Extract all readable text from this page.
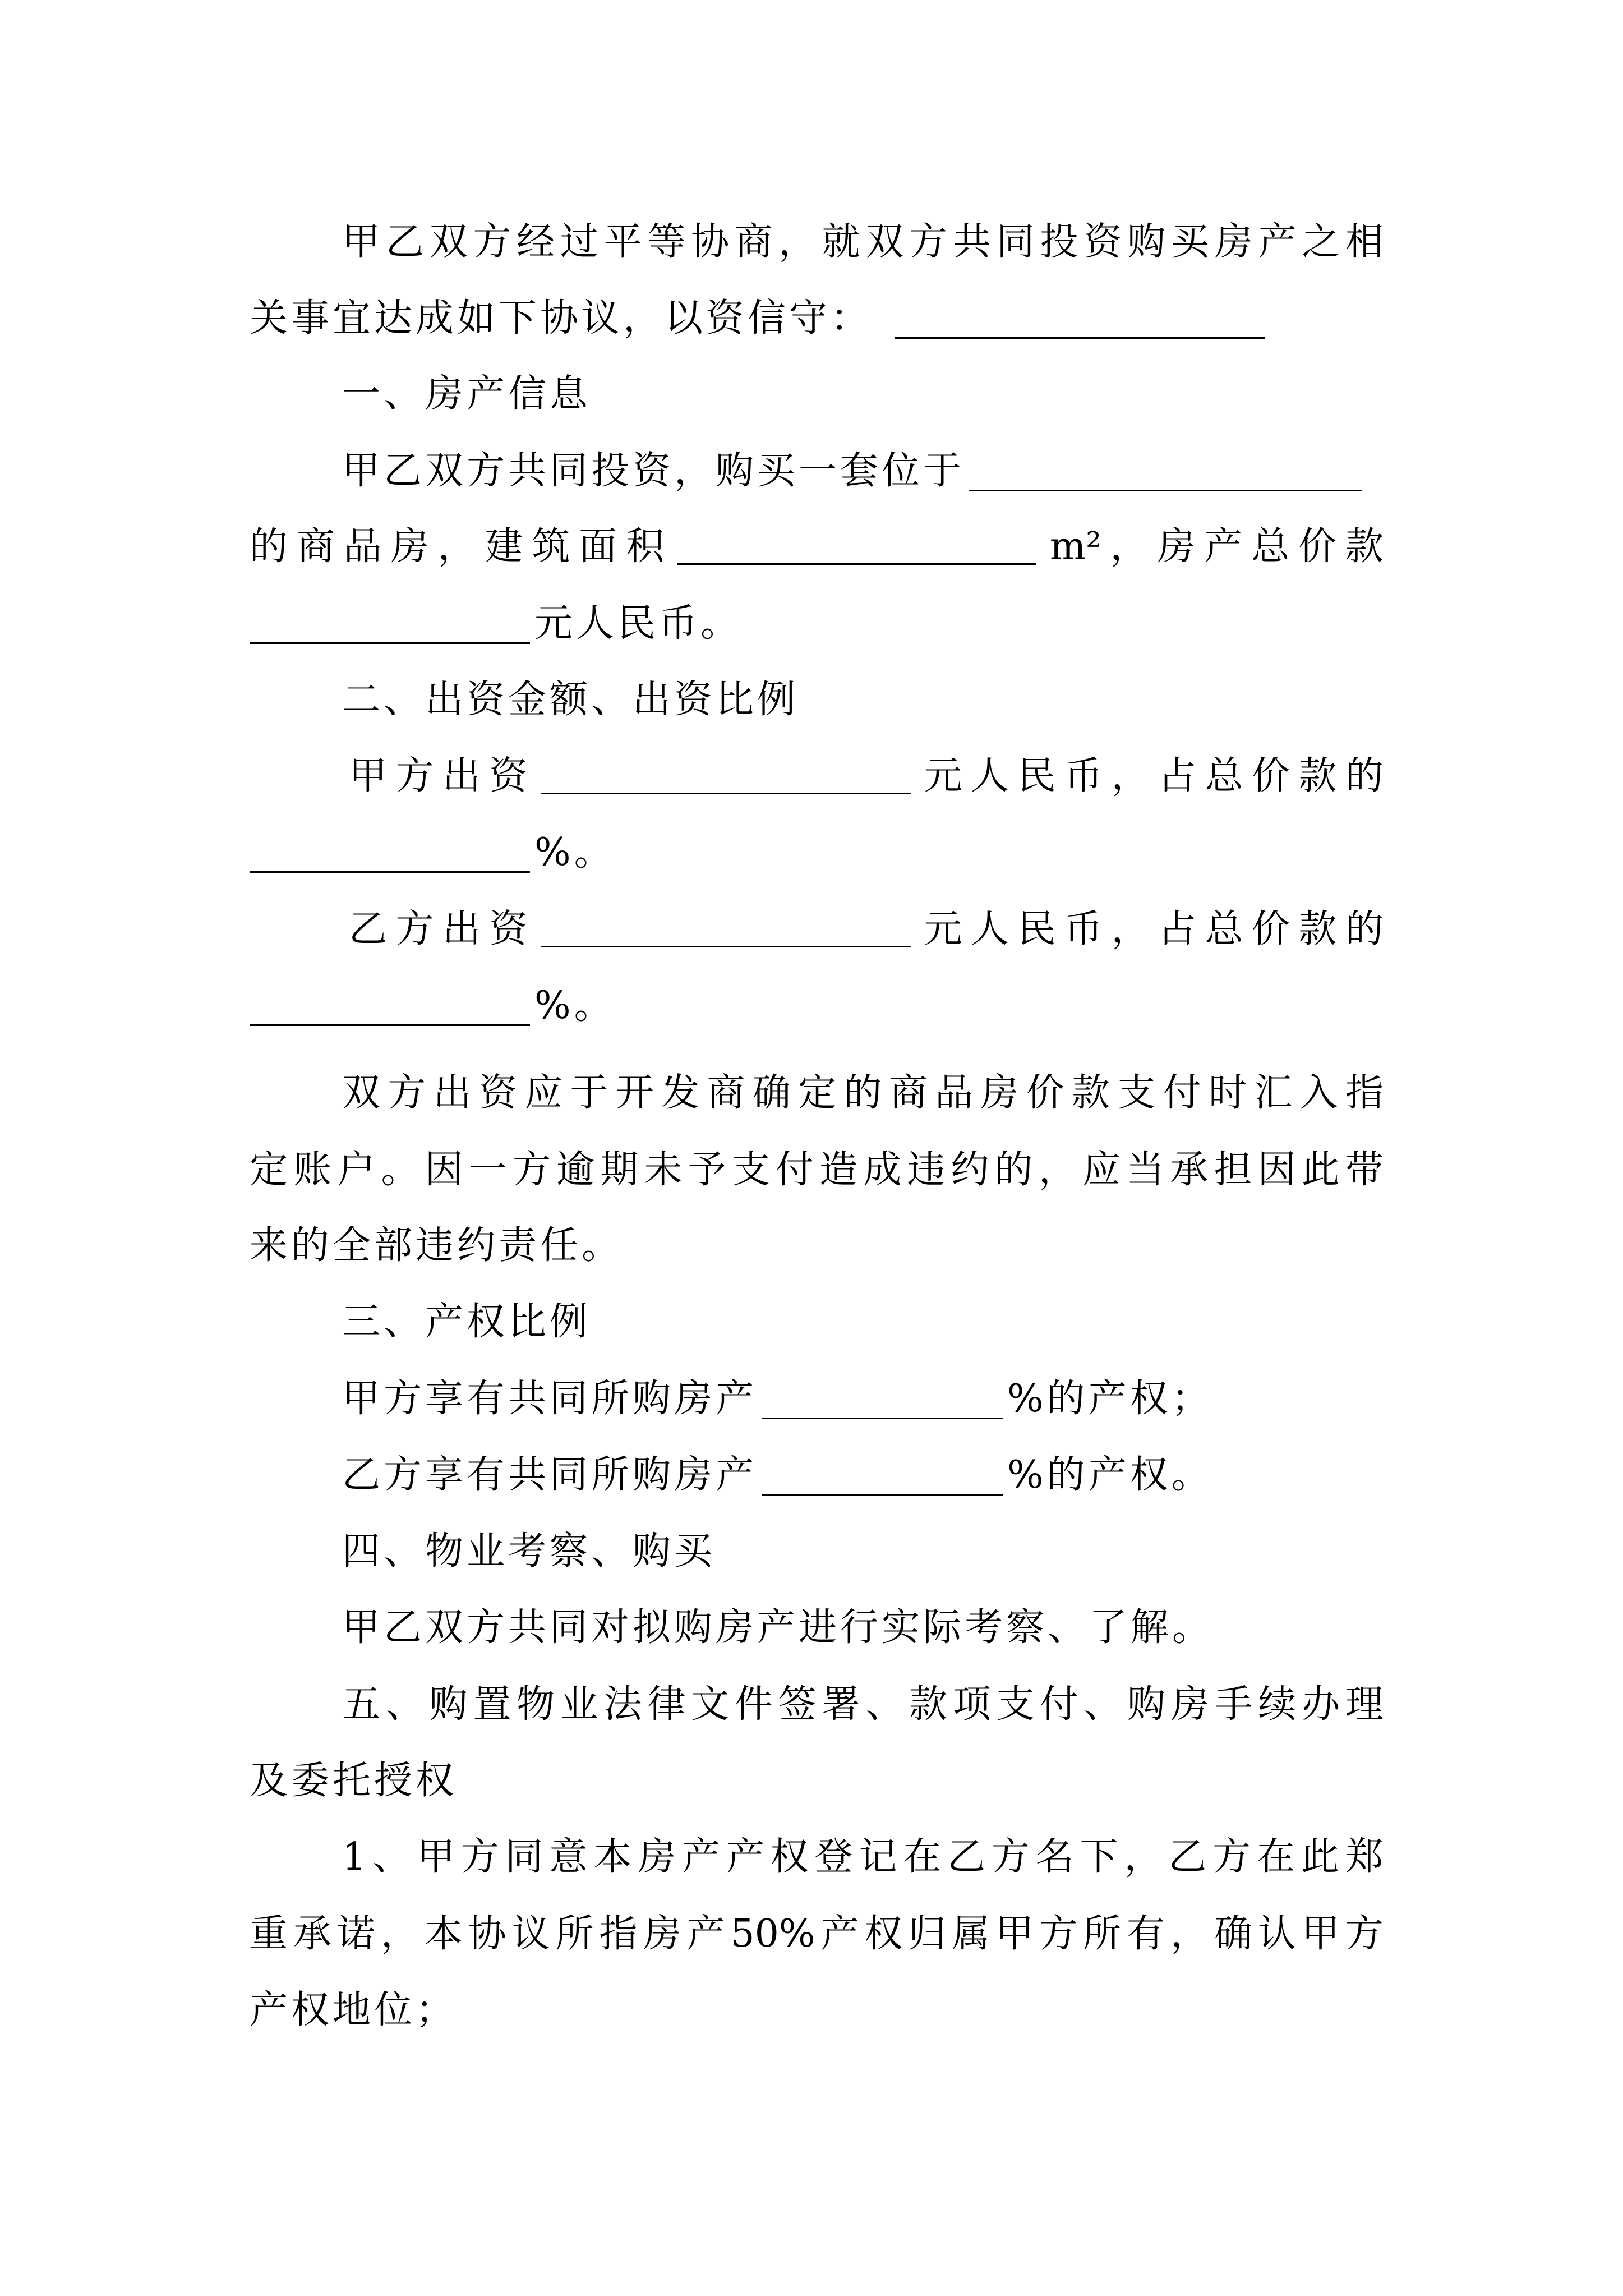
甲 乙 双 方 经 过 平 等 协 商 ， 就 双 方 共 同 投 资 购 买 房 产 之 相
关事宜达成如下协议，以资信守：
一、房产信息
甲乙双方共同投资，购买一套位于
的 商 品 房 ， 建 筑 面 积	m² ， 房 产 总 价 款
元人民币。
二、出资金额、出资比例
甲 方 出 资	元 人 民 币 ， 占 总 价 款 的
%。
乙 方 出 资	元 人 民 币 ， 占 总 价 款 的
%。
双 方 出 资 应 于 开 发 商 确 定 的 商 品 房 价 款 支 付 时 汇 入 指
定 账 户 。 因 一 方 逾 期 未 予 支 付 造 成 违 约 的 ， 应 当 承 担 因 此 带
来的全部违约责任。
三、产权比例
甲方享有共同所购房产	%的产权；
乙方享有共同所购房产	%的产权。
四、物业考察、购买
甲乙双方共同对拟购房产进行实际考察、了解。
五 、 购 置 物 业 法 律 文 件 签 署 、 款 项 支 付 、 购 房 手 续 办 理
及委托授权
1 、 甲 方 同 意 本 房 产 产 权 登 记 在 乙 方 名 下 ， 乙 方 在 此 郑
重 承 诺 ， 本 协 议 所 指 房 产 50% 产 权 归 属 甲 方 所 有 ， 确 认 甲 方
产权地位；
